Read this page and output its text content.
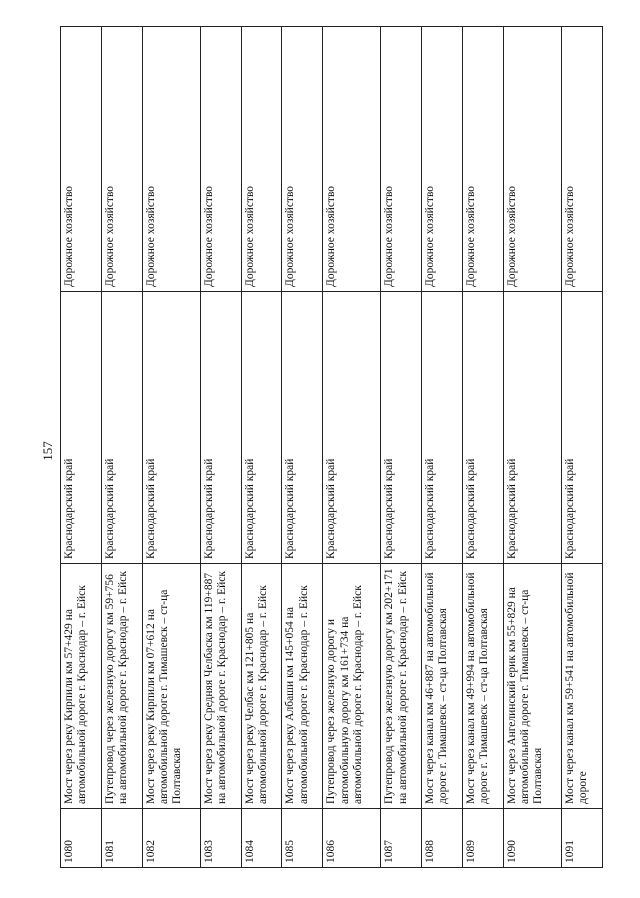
157
1080	Мост через реку Кирпили км 57+429 на автомобильной дороге г. Краснодар – г. Ейск	Краснодарский край	Дорожное хозяйство
1081	Путепровод через железную дорогу км 59+756 на автомобильной дороге г. Краснодар – г. Ейск	Краснодарский край	Дорожное хозяйство
1082	Мост через реку Кирпили км 07+612 на автомобильной дороге г. Тимашевск – ст-ца Полтавская	Краснодарский край	Дорожное хозяйство
1083	Мост через реку Средняя Челбаска км 119+887 на автомобильной дороге г. Краснодар – г. Ейск	Краснодарский край	Дорожное хозяйство
1084	Мост через реку Челбас км 121+805 на автомобильной дороге г. Краснодар – г. Ейск	Краснодарский край	Дорожное хозяйство
1085	Мост через реку Албаши км 145+054 на автомобильной дороге г. Краснодар – г. Ейск	Краснодарский край	Дорожное хозяйство
1086	Путепровод через железную дорогу и автомобильную дорогу км 161+734 на автомобильной дороге г. Краснодар – г. Ейск	Краснодарский край	Дорожное хозяйство
1087	Путепровод через железную дорогу км 202+171 на автомобильной дороге г. Краснодар – г. Ейск	Краснодарский край	Дорожное хозяйство
1088	Мост через канал км 46+887 на автомобильной дороге г. Тимашевск – ст-ца Полтавская	Краснодарский край	Дорожное хозяйство
1089	Мост через канал км 49+994 на автомобильной дороге г. Тимашевск – ст-ца Полтавская	Краснодарский край	Дорожное хозяйство
1090	Мост через Ангелинский ерик км 55+829 на автомобильной дороге г. Тимашевск – ст-ца Полтавская	Краснодарский край	Дорожное хозяйство
1091	Мост через канал км 59+541 на автомобильной дороге	Краснодарский край	Дорожное хозяйство
